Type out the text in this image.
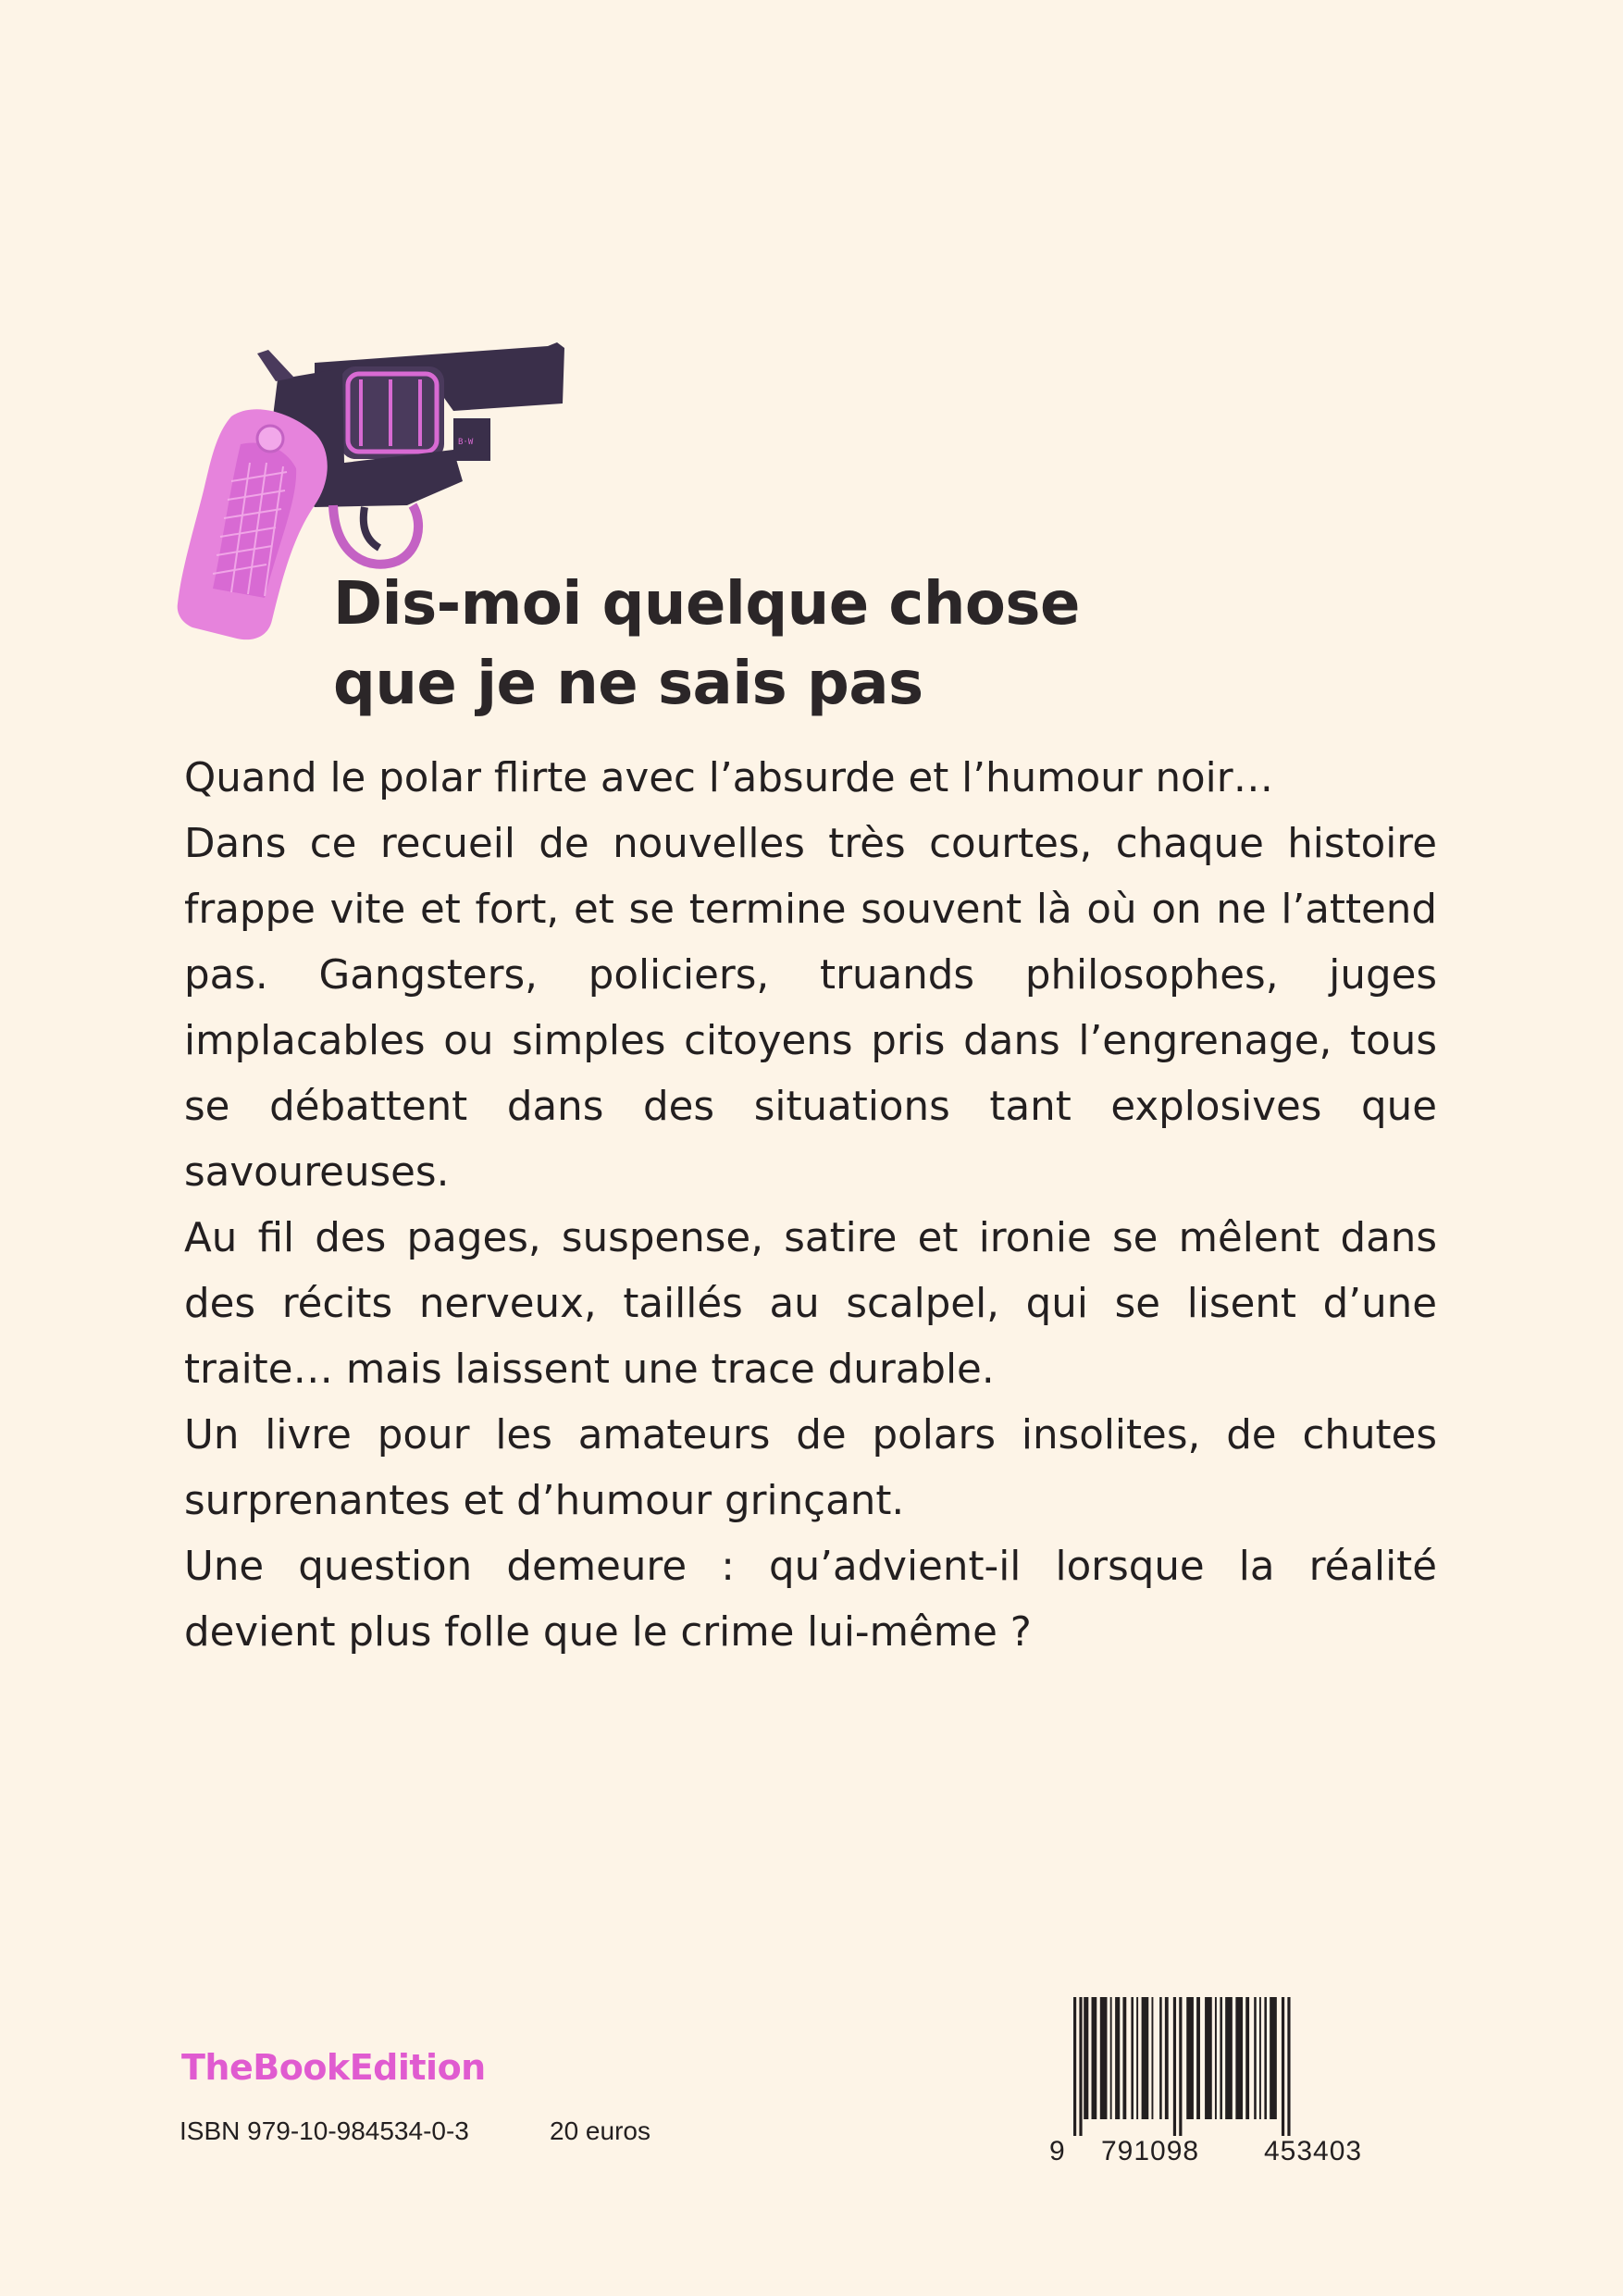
B·W
Dis-moi quelque chose
que je ne sais pas

Quand le polar flirte avec l’absurde et l’humour noir…

Dans ce recueil de nouvelles très courtes, chaque histoire frappe vite et fort, et se termine souvent là où on ne l’attend pas. Gangsters, policiers, truands philosophes, juges implacables ou simples citoyens pris dans l’engrenage, tous se débattent dans des situations tant explosives que savoureuses.

Au fil des pages, suspense, satire et ironie se mêlent dans des récits nerveux, taillés au scalpel, qui se lisent d’une traite… mais laissent une trace durable.

Un livre pour les amateurs de polars insolites, de chutes surprenantes et d’humour grinçant.

Une question demeure : qu’advient-il lorsque la réalité devient plus folle que le crime lui-même ?

TheBookEdition
ISBN 979-10-984534-0-3	20 euros
9 791098 453403
